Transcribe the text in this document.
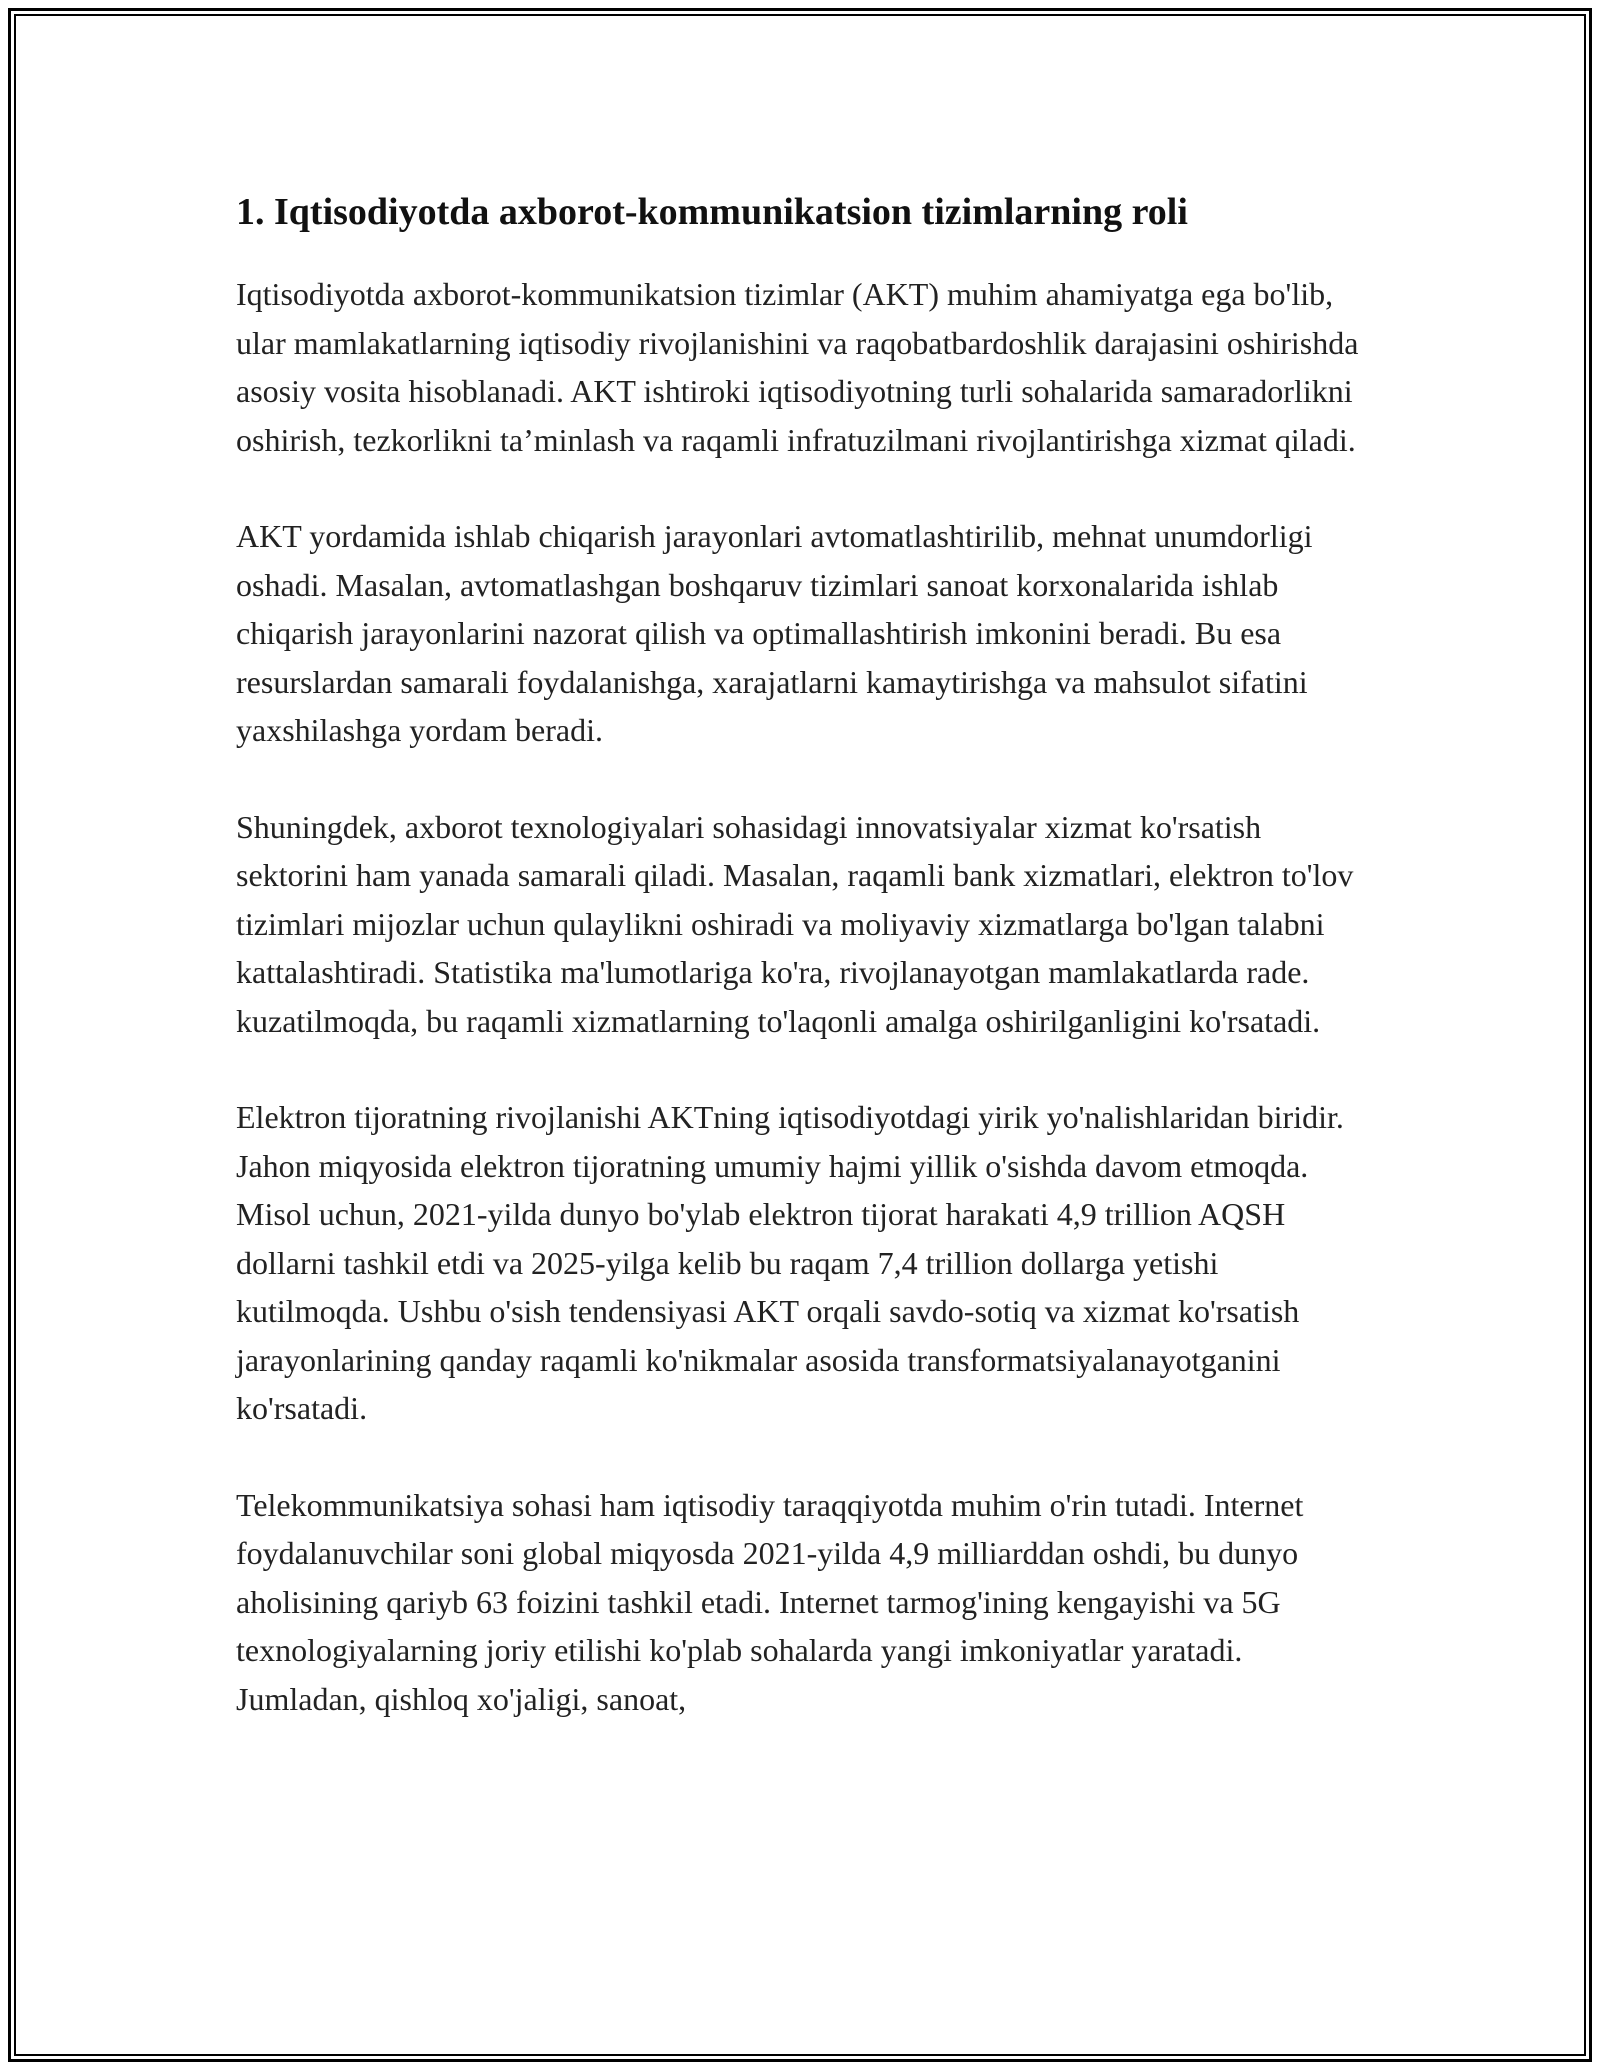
1. Iqtisodiyotda axborot-kommunikatsion tizimlarning roli

Iqtisodiyotda axborot-kommunikatsion tizimlar (AKT) muhim ahamiyatga ega bo'lib, ular mamlakatlarning iqtisodiy rivojlanishini va raqobatbardoshlik darajasini oshirishda asosiy vosita hisoblanadi. AKT ishtiroki iqtisodiyotning turli sohalarida samaradorlikni oshirish, tezkorlikni ta’minlash va raqamli infratuzilmani rivojlantirishga xizmat qiladi.

AKT yordamida ishlab chiqarish jarayonlari avtomatlashtirilib, mehnat unumdorligi oshadi. Masalan, avtomatlashgan boshqaruv tizimlari sanoat korxonalarida ishlab chiqarish jarayonlarini nazorat qilish va optimallashtirish imkonini beradi. Bu esa resurslardan samarali foydalanishga, xarajatlarni kamaytirishga va mahsulot sifatini yaxshilashga yordam beradi.

Shuningdek, axborot texnologiyalari sohasidagi innovatsiyalar xizmat ko'rsatish sektorini ham yanada samarali qiladi. Masalan, raqamli bank xizmatlari, elektron to'lov tizimlari mijozlar uchun qulaylikni oshiradi va moliyaviy xizmatlarga bo'lgan talabni kattalashtiradi. Statistika ma'lumotlariga ko'ra, rivojlanayotgan mamlakatlarda rade. kuzatilmoqda, bu raqamli xizmatlarning to'laqonli amalga oshirilganligini ko'rsatadi.

Elektron tijoratning rivojlanishi AKTning iqtisodiyotdagi yirik yo'nalishlaridan biridir. Jahon miqyosida elektron tijoratning umumiy hajmi yillik o'sishda davom etmoqda. Misol uchun, 2021-yilda dunyo bo'ylab elektron tijorat harakati 4,9 trillion AQSH dollarni tashkil etdi va 2025-yilga kelib bu raqam 7,4 trillion dollarga yetishi kutilmoqda. Ushbu o'sish tendensiyasi AKT orqali savdo-sotiq va xizmat ko'rsatish jarayonlarining qanday raqamli ko'nikmalar asosida transformatsiyalanayotganini ko'rsatadi.

Telekommunikatsiya sohasi ham iqtisodiy taraqqiyotda muhim o'rin tutadi. Internet foydalanuvchilar soni global miqyosda 2021-yilda 4,9 milliarddan oshdi, bu dunyo aholisining qariyb 63 foizini tashkil etadi. Internet tarmog'ining kengayishi va 5G texnologiyalarning joriy etilishi ko'plab sohalarda yangi imkoniyatlar yaratadi. Jumladan, qishloq xo'jaligi, sanoat,
